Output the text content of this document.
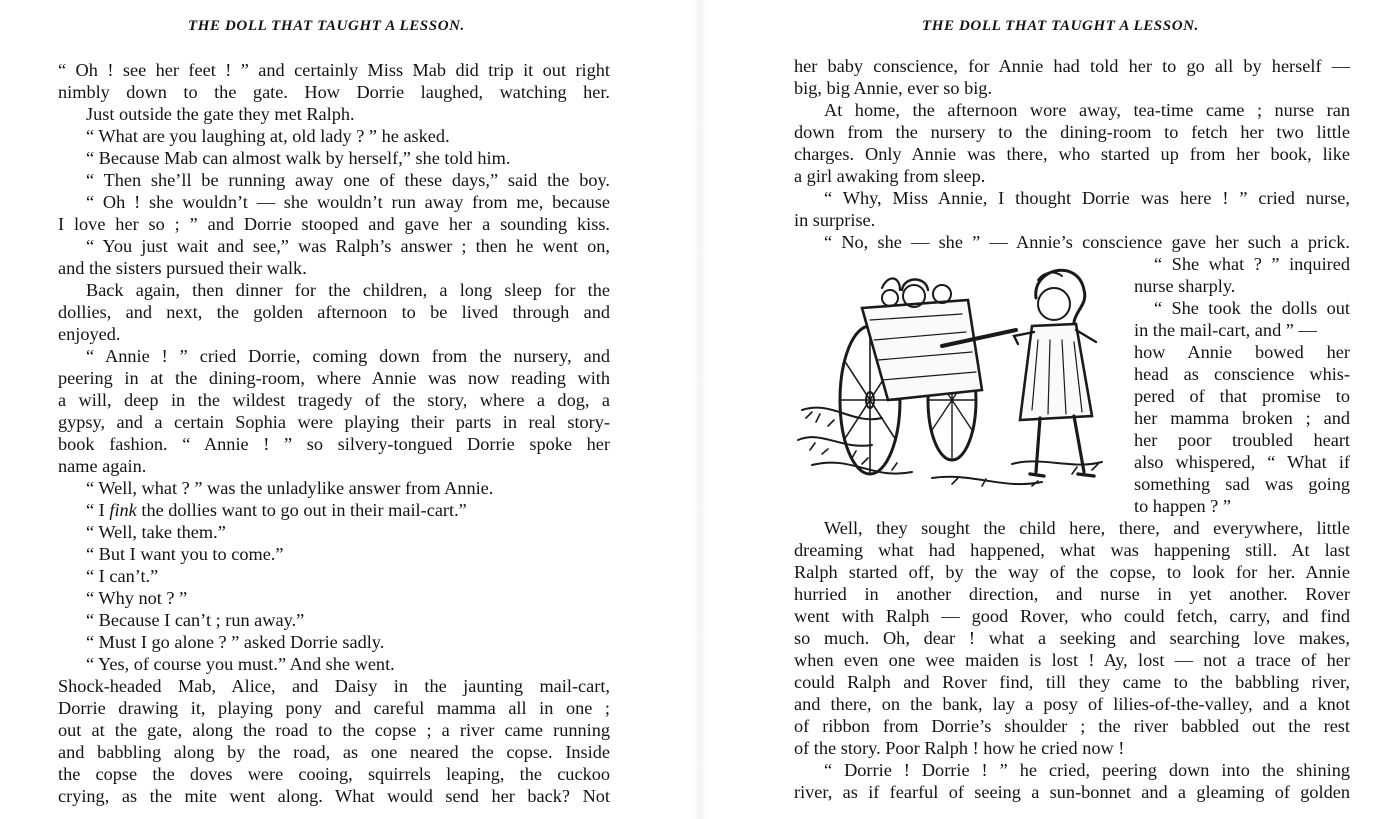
THE DOLL THAT TAUGHT A LESSON.

“ Oh ! see her feet ! ” and certainly Miss Mab did trip it out right

nimbly down to the gate. How Dorrie laughed, watching her.

Just outside the gate they met Ralph.

“ What are you laughing at, old lady ? ” he asked.

“ Because Mab can almost walk by herself,” she told him.

“ Then she’ll be running away one of these days,” said the boy.

“ Oh ! she wouldn’t — she wouldn’t run away from me, because

I love her so ; ” and Dorrie stooped and gave her a sounding kiss.

“ You just wait and see,” was Ralph’s answer ; then he went on,

and the sisters pursued their walk.

Back again, then dinner for the children, a long sleep for the

dollies, and next, the golden afternoon to be lived through and

enjoyed.

“ Annie ! ” cried Dorrie, coming down from the nursery, and

peering in at the dining-room, where Annie was now reading with

a will, deep in the wildest tragedy of the story, where a dog, a

gypsy, and a certain Sophia were playing their parts in real story-

book fashion. “ Annie ! ” so silvery-tongued Dorrie spoke her

name again.

“ Well, what ? ” was the unladylike answer from Annie.

“ I fink the dollies want to go out in their mail-cart.”

“ Well, take them.”

“ But I want you to come.”

“ I can’t.”

“ Why not ? ”

“ Because I can’t ; run away.”

“ Must I go alone ? ” asked Dorrie sadly.

“ Yes, of course you must.” And she went.

Shock-headed Mab, Alice, and Daisy in the jaunting mail-cart,

Dorrie drawing it, playing pony and careful mamma all in one ;

out at the gate, along the road to the copse ; a river came running

and babbling along by the road, as one neared the copse. Inside

the copse the doves were cooing, squirrels leaping, the cuckoo

crying, as the mite went along. What would send her back? Not

THE DOLL THAT TAUGHT A LESSON.

her baby conscience, for Annie had told her to go all by herself —

big, big Annie, ever so big.

At home, the afternoon wore away, tea-time came ; nurse ran

down from the nursery to the dining-room to fetch her two little

charges. Only Annie was there, who started up from her book, like

a girl awaking from sleep.

“ Why, Miss Annie, I thought Dorrie was here ! ” cried nurse,

in surprise.

“ No, she — she ” — Annie’s conscience gave her such a prick.

“ She what ? ” inquired

nurse sharply.

“ She took the dolls out

in the mail-cart, and ” —

how Annie bowed her

head as conscience whis-

pered of that promise to

her mamma broken ; and

her poor troubled heart

also whispered, “ What if

something sad was going

to happen ? ”

Well, they sought the child here, there, and everywhere, little

dreaming what had happened, what was happening still. At last

Ralph started off, by the way of the copse, to look for her. Annie

hurried in another direction, and nurse in yet another. Rover

went with Ralph — good Rover, who could fetch, carry, and find

so much. Oh, dear ! what a seeking and searching love makes,

when even one wee maiden is lost ! Ay, lost — not a trace of her

could Ralph and Rover find, till they came to the babbling river,

and there, on the bank, lay a posy of lilies-of-the-valley, and a knot

of ribbon from Dorrie’s shoulder ; the river babbled out the rest

of the story. Poor Ralph ! how he cried now !

“ Dorrie ! Dorrie ! ” he cried, peering down into the shining

river, as if fearful of seeing a sun-bonnet and a gleaming of golden
